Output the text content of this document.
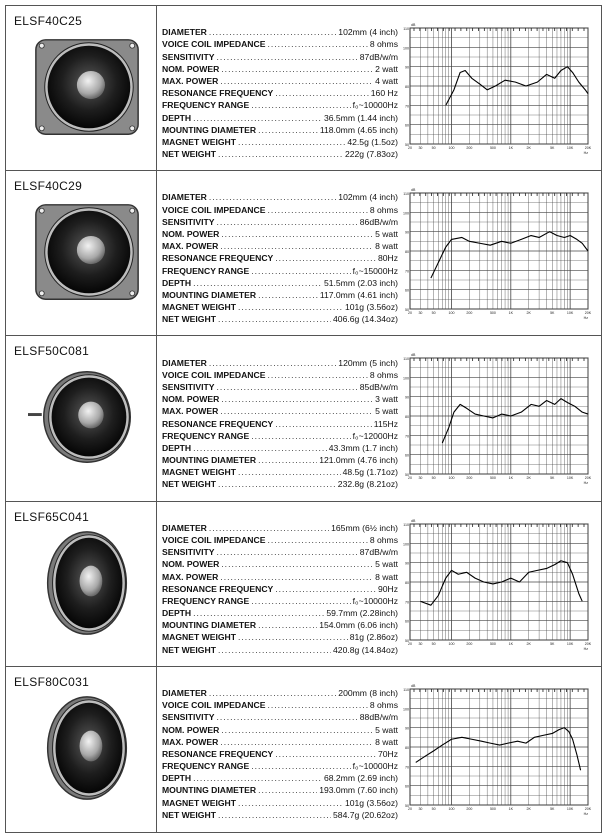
ELSF40C25
DIAMETER .....	102mm (4 inch)
VOICE COIL IMPEDANCE .....	8 ohms
SENSITIVITY .....	87dB/w/m
NOM. POWER .....	2 watt
MAX. POWER .....	4 watt
RESONANCE FREQUENCY .....	160 Hz
FREQUENCY RANGE .....	f₀~10000Hz
DEPTH .....	36.5mm (1.44 inch)
MOUNTING DIAMETER .....	118.0mm (4.65 inch)
MAGNET WEIGHT .....	42.5g (1.5oz)
NET WEIGHT .....	222g (7.83oz)
110
100
90
80
70
60
50
20 30	50	100	200	500	1K	2K	5K	10K	20K
dB
Hz
ELSF40C29
DIAMETER .....	102mm (4 inch)
VOICE COIL IMPEDANCE .....	8 ohms
SENSITIVITY .....	86dB/w/m
NOM. POWER .....	5 watt
MAX. POWER .....	8 watt
RESONANCE FREQUENCY .....	80Hz
FREQUENCY RANGE .....	f₀~15000Hz
DEPTH .....	51.5mm (2.03 inch)
MOUNTING DIAMETER .....	117.0mm (4.61 inch)
MAGNET WEIGHT .....	101g (3.56oz)
NET WEIGHT .....	406.6g (14.34oz)
110
100
90
80
70
60
50
20 30	50	100	200	500	1K	2K	5K	10K	20K
dB
Hz
ELSF50C081
DIAMETER .....	120mm (5 inch)
VOICE COIL IMPEDANCE .....	8 ohms
SENSITIVITY .....	85dB/w/m
NOM. POWER .....	3 watt
MAX. POWER .....	5 watt
RESONANCE FREQUENCY .....	115Hz
FREQUENCY RANGE .....	f₀~12000Hz
DEPTH .....	43.3mm (1.7 inch)
MOUNTING DIAMETER .....	121.0mm (4.76 inch)
MAGNET WEIGHT .....	48.5g (1.71oz)
NET WEIGHT .....	232.8g (8.21oz)
110
100
90
80
70
60
50
20 30	50	100	200	500	1K	2K	5K	10K	20K
dB
Hz
ELSF65C041
DIAMETER .....	165mm (6½ inch)
VOICE COIL IMPEDANCE .....	8 ohms
SENSITIVITY .....	87dB/w/m
NOM. POWER .....	5 watt
MAX. POWER .....	8 watt
RESONANCE FREQUENCY .....	90Hz
FREQUENCY RANGE .....	f₀~10000Hz
DEPTH .....	59.7mm (2.28inch)
MOUNTING DIAMETER .....	154.0mm (6.06 inch)
MAGNET WEIGHT .....	81g (2.86oz)
NET WEIGHT .....	420.8g (14.84oz)
110
100
90
80
70
60
50
20 30	50	100	200	500	1K	2K	5K	10K	20K
dB
Hz
ELSF80C031
DIAMETER .....	200mm (8 inch)
VOICE COIL IMPEDANCE .....	8 ohms
SENSITIVITY .....	88dB/w/m
NOM. POWER .....	5 watt
MAX. POWER .....	8 watt
RESONANCE FREQUENCY .....	70Hz
FREQUENCY RANGE .....	f₀~10000Hz
DEPTH .....	68.2mm (2.69 inch)
MOUNTING DIAMETER .....	193.0mm (7.60 inch)
MAGNET WEIGHT .....	101g (3.56oz)
NET WEIGHT .....	584.7g (20.62oz)
110
100
90
80
70
60
50
20 30	50	100	200	500	1K	2K	5K	10K	20K
dB
Hz
